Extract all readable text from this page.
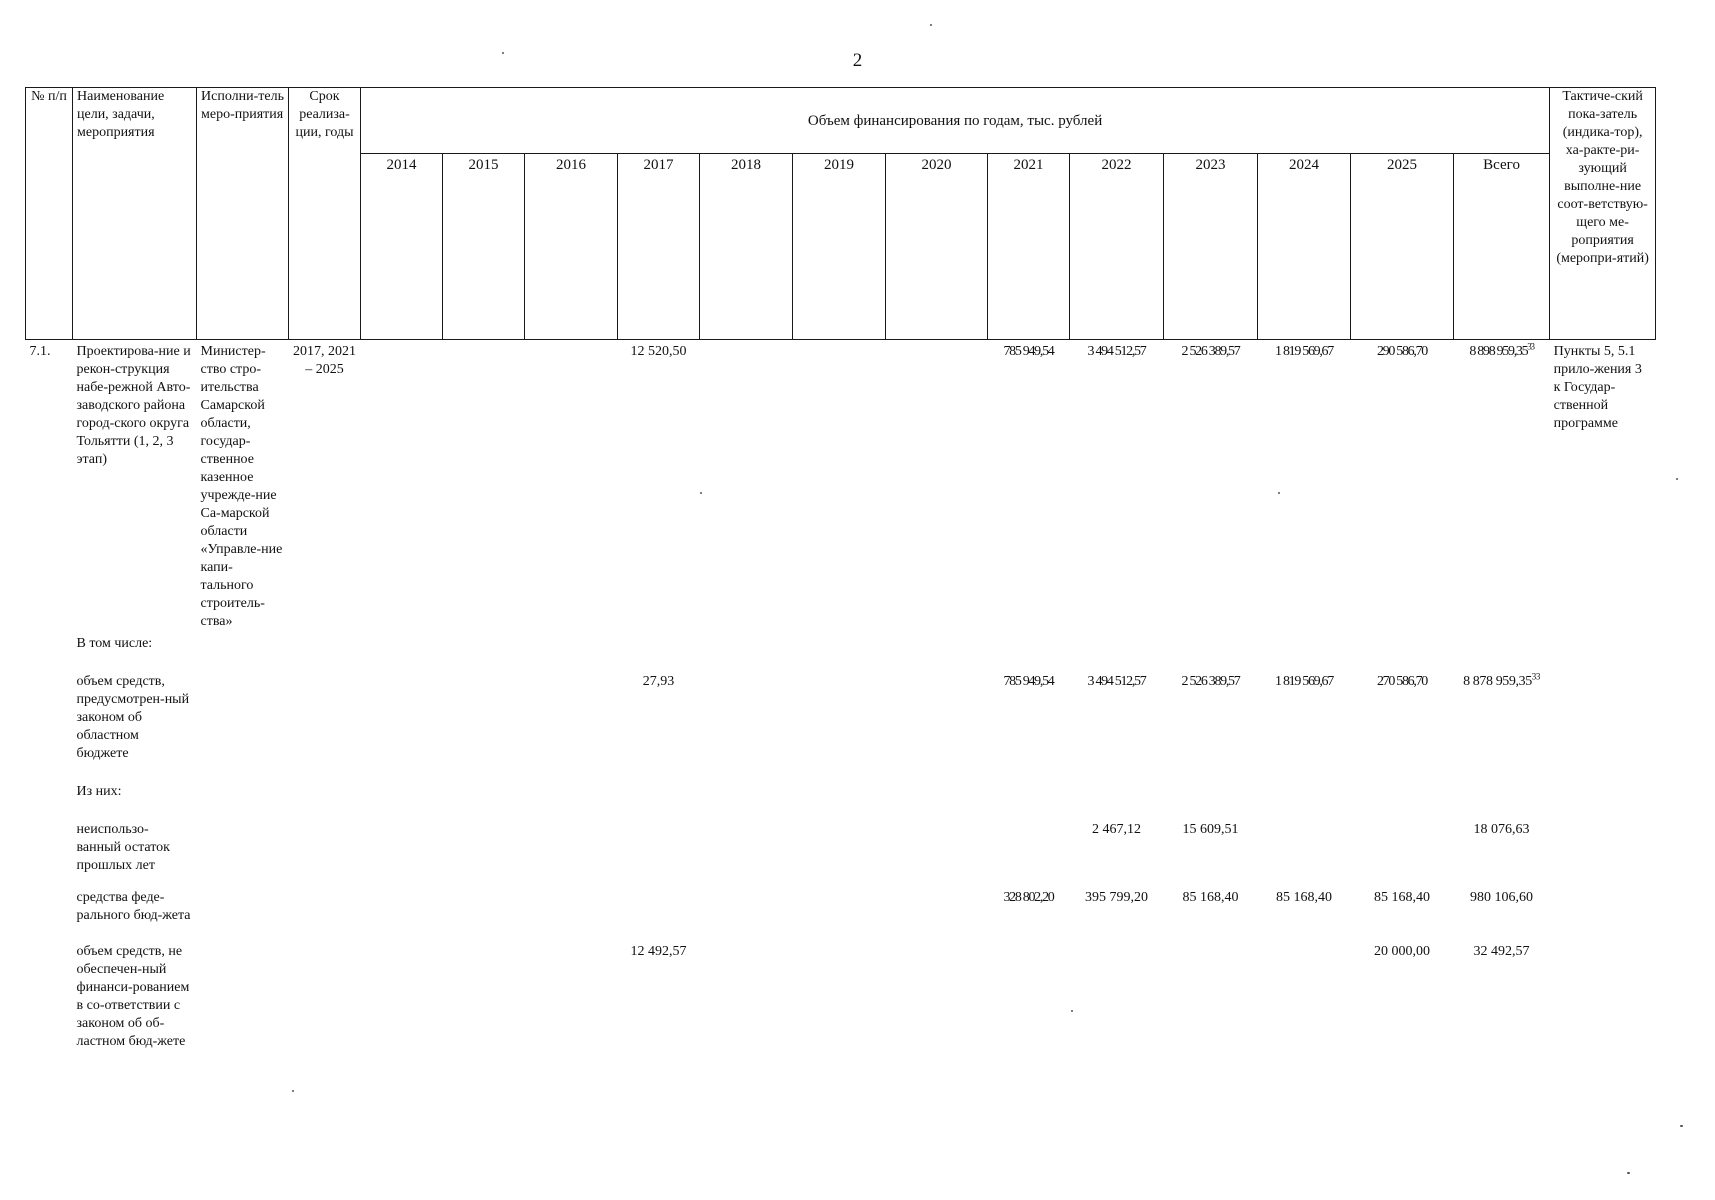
2
№ п/п	Наименование цели, задачи, мероприятия	Исполни-тель меро-приятия	Срок реализа-ции, годы	Объем финансирования по годам, тыс. рублей													Тактиче-ский пока-затель (индика-тор), ха-ракте-ри-зующий выполне-ние соот-ветствую-щего ме-роприятия (меропри-ятий)
				2014	2015	2016	2017	2018	2019	2020	2021	2022	2023	2024	2025	Всего	
7.1.	Проектирова-ние и рекон-струкция набе-режной Авто-заводского района город-ского округа Тольятти (1, 2, 3 этап)	Министер-ство стро-ительства Самарской области, государ-ственное казенное учрежде-ние Са-марской области «Управле-ние капи-тального строитель-ства»	2017, 2021 – 2025				12 520,50				785 949,54	3 494 512,57	2 526 389,57	1 819 569,67	290 586,70	8 898 959,35$^{33}$	Пункты 5, 5.1 прило-жения 3 к Государ-ственной программе
	В том числе:																

	объем средств, предусмотрен-ный законом об областном бюджете						27,93				785 949,54	3 494 512,57	2 526 389,57	1 819 569,67	270 586,70	8 878 959,35$^{33}$	

	Из них:																

	неиспользо-ванный остаток прошлых лет											2 467,12	15 609,51			18 076,63	

	средства феде-рального бюд-жета										328 802,20	395 799,20	85 168,40	85 168,40	85 168,40	980 106,60	

	объем средств, не обеспечен-ный финанси-рованием в со-ответствии с законом об об-ластном бюд-жете						12 492,57								20 000,00	32 492,57	
